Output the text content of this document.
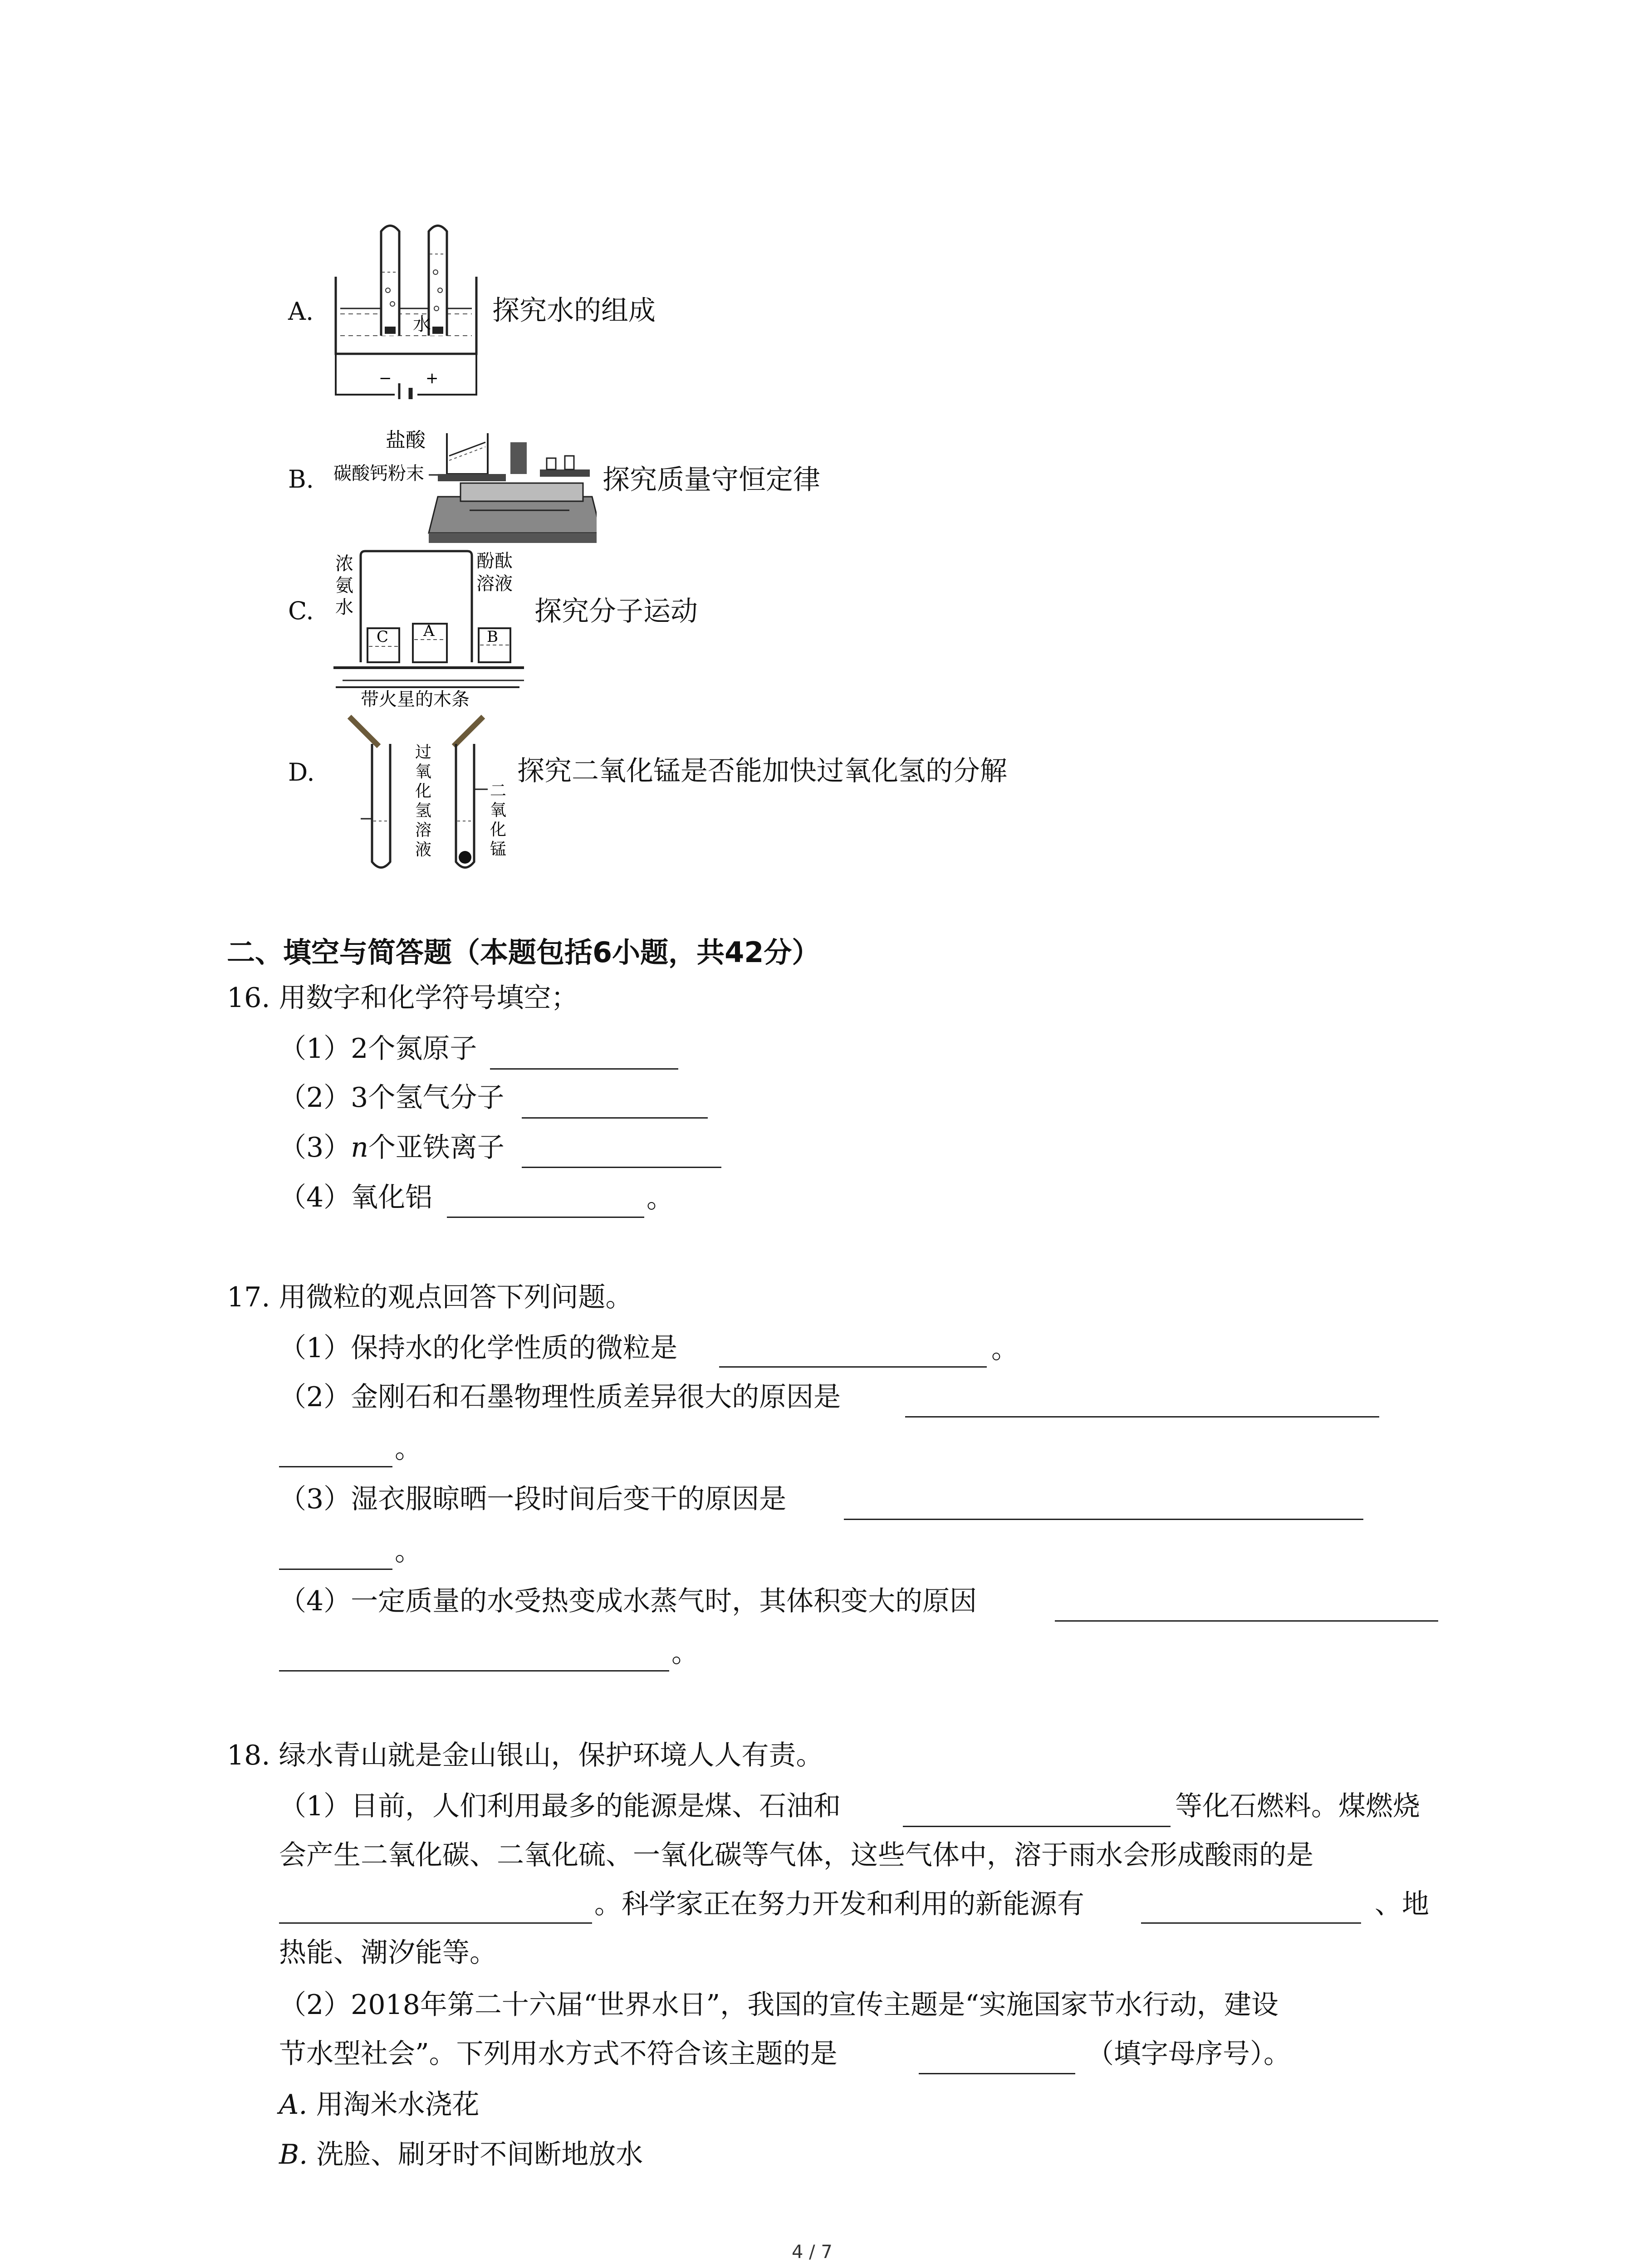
A.	水
− +
探究水的组成
B.
盐酸
碳酸钙粉末	探究质量守恒定律
C.
浓
氨
水
酚酞
溶液
C A	B
探究分子运动
D.
带火星的木条
过
氧
化
氢
溶
液
二
氧
化
锰
探究二氧化锰是否能加快过氧化氢的分解
二、填空与简答题（本题包括6小题，共42分）
16. 用数字和化学符号填空；
（1）2个氮原子
（2）3个氢气分子
（3）n个亚铁离子
（4）氧化铝	。
17. 用微粒的观点回答下列问题。
（1）保持水的化学性质的微粒是	。
（2）金刚石和石墨物理性质差异很大的原因是
。
（3）湿衣服晾晒一段时间后变干的原因是
。
（4）一定质量的水受热变成水蒸气时，其体积变大的原因
。
18. 绿水青山就是金山银山，保护环境人人有责。
（1）目前，人们利用最多的能源是煤、石油和	等化石燃料。煤燃烧
会产生二氧化碳、二氧化硫、一氧化碳等气体，这些气体中，溶于雨水会形成酸雨的是
。科学家正在努力开发和利用的新能源有	、地
热能、潮汐能等。
（2）2018年第二十六届“世界水日”，我国的宣传主题是“实施国家节水行动，建设
节水型社会”。下列用水方式不符合该主题的是	（填字母序号）。
A. 用淘米水浇花
B. 洗脸、刷牙时不间断地放水
4 / 7
